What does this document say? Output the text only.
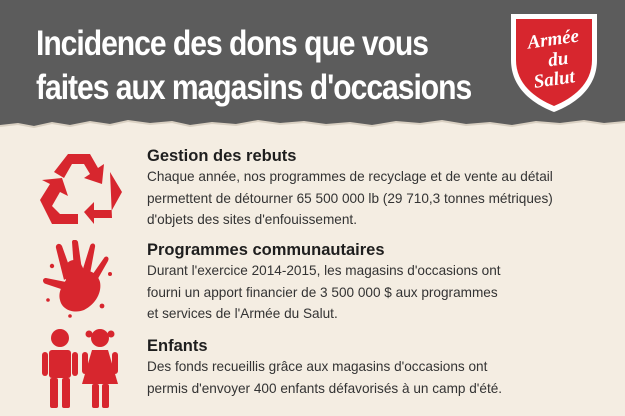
Incidence des dons que vous
faites aux magasins d'occasions
Armée
du
Salut
Gestion des rebuts
Chaque année, nos programmes de recyclage et de vente au détail
permettent de détourner 65 500 000 lb (29 710,3 tonnes métriques)
d'objets des sites d'enfouissement.
Programmes communautaires
Durant l'exercice 2014-2015, les magasins d'occasions ont
fourni un apport financier de 3 500 000 $ aux programmes
et services de l'Armée du Salut.
Enfants
Des fonds recueillis grâce aux magasins d'occasions ont
permis d'envoyer 400 enfants défavorisés à un camp d'été.
